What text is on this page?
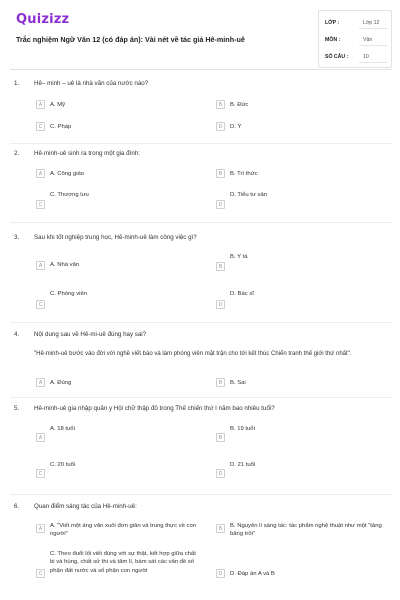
Quizizz
Trắc nghiệm Ngữ Văn 12 (có đáp án): Vài nét về tác giả Hê-minh-uê
LỚP :	Lớp 12
MÔN :	Văn
SỐ CÂU :	10
1. Hê– minh – uê là nhà văn của nước nào?
A	A. Mỹ	B	B. Đức
C	C. Pháp	D	D. Ý
2. Hê-minh-uê sinh ra trong một gia đình:
A	A. Công giáo	B	B. Trí thức
C
C. Thượng lưu
D
D. Tiểu tư sản
3. Sau khi tốt nghiệp trung học, Hê-minh-uê làm công việc gì?
A	A. Nhà văn	B
B. Y tá
C
C. Phóng viên
D
D. Bác sĩ
4. Nội dung sau về Hê-mi-uê đúng hay sai?
"Hê-minh-uê bước vào đời với nghề viết báo và làm phóng viên mặt trận cho tới kết thúc Chiến tranh thế giới thứ nhất".
A	A. Đúng	B	B. Sai
5. Hê-minh-uê gia nhập quân y Hội chữ thập đỏ trong Thế chiến thứ I năm bao nhiêu tuổi?
A
A. 18 tuổi
B
B. 19 tuổi
C
C. 20 tuổi
D
D. 21 tuổi
6. Quan điểm sáng tác của Hê-minh-uê:
A	A. "Viết một áng văn xuôi đơn giản và trung thực về con người"
B	B. Nguyên lí sáng tác: tác phẩm nghệ thuật như một "tảng băng trôi"
C
C. Theo đuổi lối viết đúng với sự thật, kết hợp giữa chất bi và hùng, chất sử thi và tâm lí, bám sát các vấn đề số phận đất nước và số phận con người
D	D. Đáp án A và B
